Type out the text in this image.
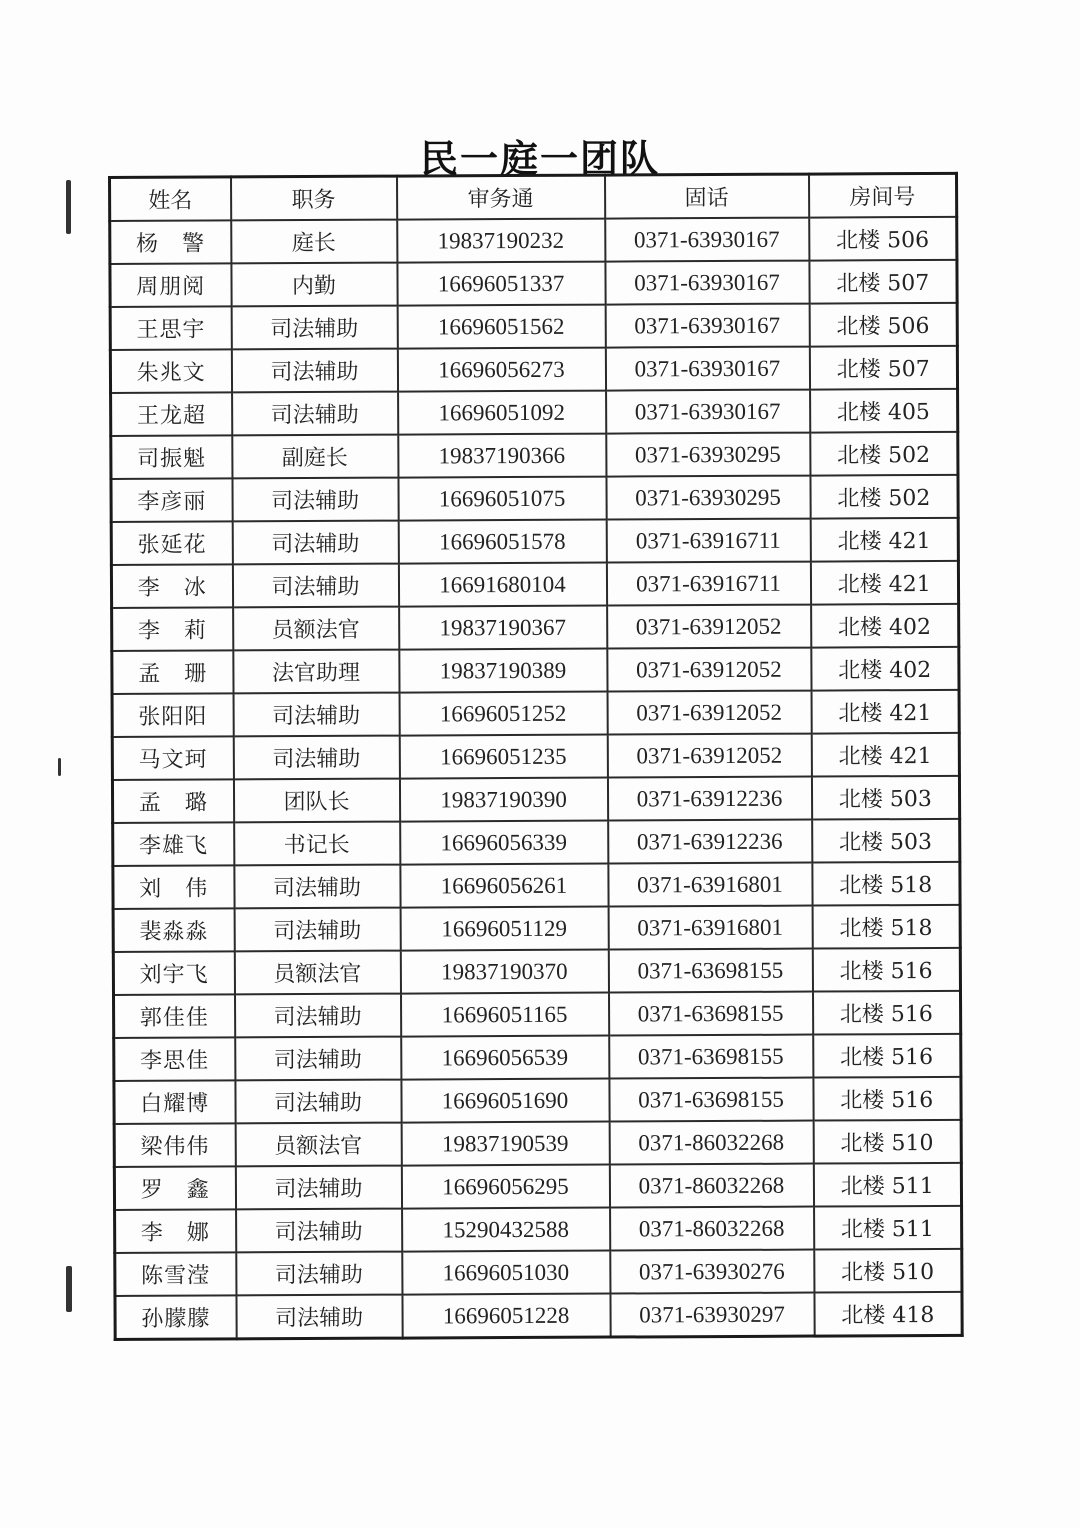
民一庭一团队
姓名	职务	审务通	固话	房间号
杨　警	庭长	19837190232	0371-63930167	北楼 506
周朋阅	内勤	16696051337	0371-63930167	北楼 507
王思宇	司法辅助	16696051562	0371-63930167	北楼 506
朱兆文	司法辅助	16696056273	0371-63930167	北楼 507
王龙超	司法辅助	16696051092	0371-63930167	北楼 405
司振魁	副庭长	19837190366	0371-63930295	北楼 502
李彦丽	司法辅助	16696051075	0371-63930295	北楼 502
张延花	司法辅助	16696051578	0371-63916711	北楼 421
李　冰	司法辅助	16691680104	0371-63916711	北楼 421
李　莉	员额法官	19837190367	0371-63912052	北楼 402
孟　珊	法官助理	19837190389	0371-63912052	北楼 402
张阳阳	司法辅助	16696051252	0371-63912052	北楼 421
马文珂	司法辅助	16696051235	0371-63912052	北楼 421
孟　璐	团队长	19837190390	0371-63912236	北楼 503
李雄飞	书记长	16696056339	0371-63912236	北楼 503
刘　伟	司法辅助	16696056261	0371-63916801	北楼 518
裴淼淼	司法辅助	16696051129	0371-63916801	北楼 518
刘宇飞	员额法官	19837190370	0371-63698155	北楼 516
郭佳佳	司法辅助	16696051165	0371-63698155	北楼 516
李思佳	司法辅助	16696056539	0371-63698155	北楼 516
白耀博	司法辅助	16696051690	0371-63698155	北楼 516
梁伟伟	员额法官	19837190539	0371-86032268	北楼 510
罗　鑫	司法辅助	16696056295	0371-86032268	北楼 511
李　娜	司法辅助	15290432588	0371-86032268	北楼 511
陈雪滢	司法辅助	16696051030	0371-63930276	北楼 510
孙朦朦	司法辅助	16696051228	0371-63930297	北楼 418
